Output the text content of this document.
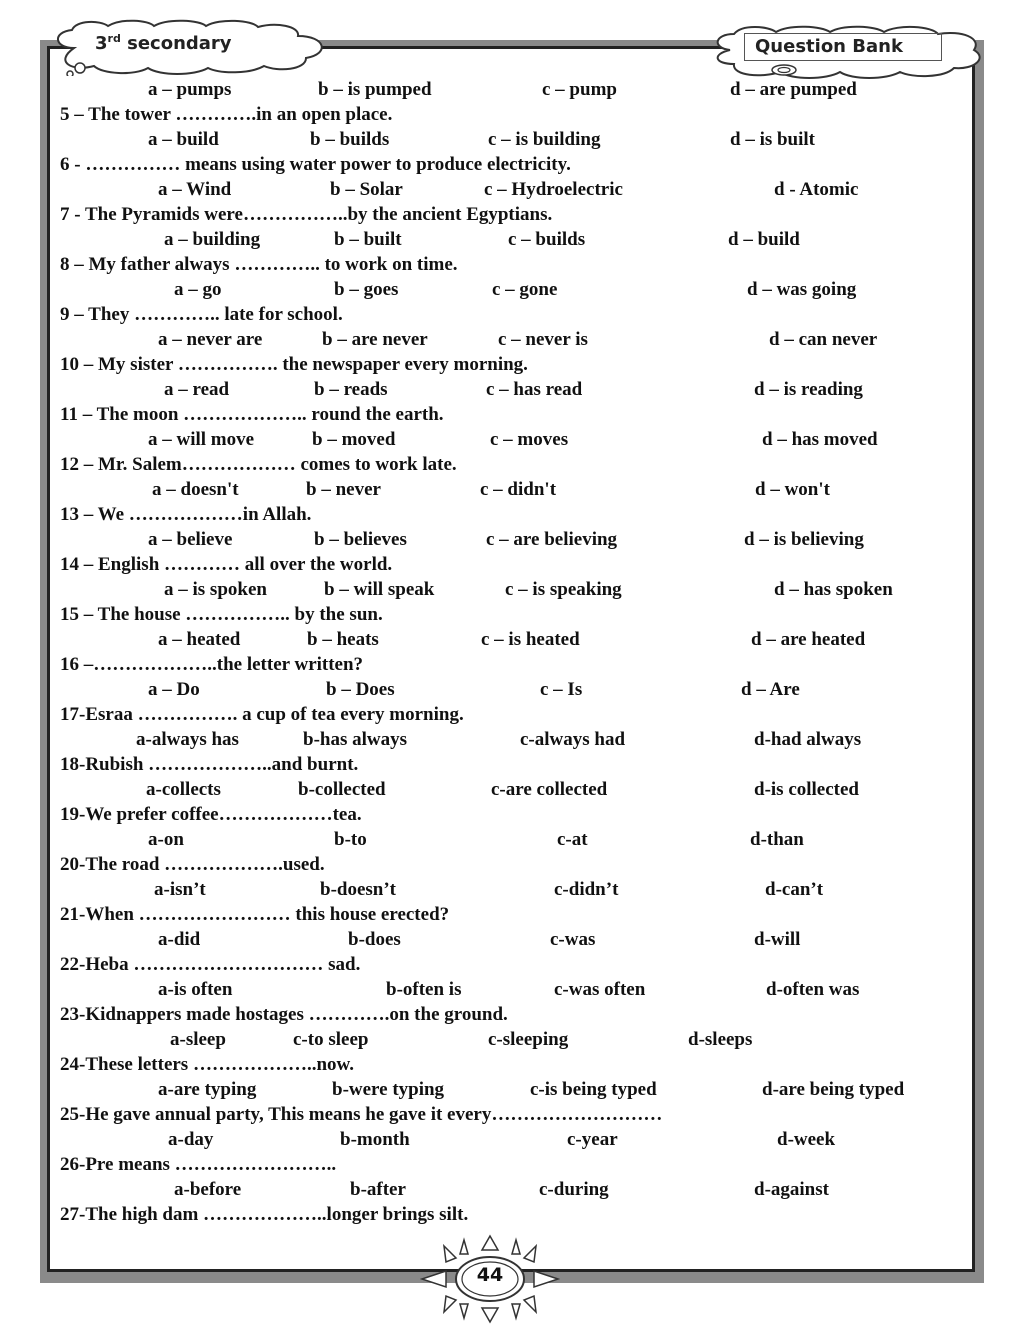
3rd secondary	Question Bank
a – pumps	b – is pumped	c – pump	d – are pumped
5 – The tower ………….in an open place.
a – build	b – builds	c – is building	d – is built
6 - …………… means using water power to produce electricity.
a – Wind	b – Solar	c – Hydroelectric	d - Atomic
7 - The Pyramids were……………..by the ancient Egyptians.
a – building	b – built	c – builds	d – build
8 – My father always ………….. to work on time.
a – go	b – goes	c – gone	d – was going
9 – They ………….. late for school.
a – never are	b – are never	c – never is	d – can never
10 – My sister ……………. the newspaper every morning.
a – read	b – reads	c – has read	d – is reading
11 – The moon ……………….. round the earth.
a – will move	b – moved	c – moves	d – has moved
12 – Mr. Salem……………… comes to work late.
a – doesn't	b – never	c – didn't	d – won't
13 – We ………………in Allah.
a – believe	b – believes	c – are believing	d – is believing
14 – English ………… all over the world.
a – is spoken	b – will speak	c – is speaking	d – has spoken
15 – The house …………….. by the sun.
a – heated	b – heats	c – is heated	d – are heated
16 –………………..the letter written?
a – Do	b – Does	c – Is	d – Are
17-Esraa ……………. a cup of tea every morning.
a-always has	b-has always	c-always had	d-had always
18-Rubish ………………..and burnt.
a-collects	b-collected	c-are collected	d-is collected
19-We prefer coffee………………tea.
a-on	b-to	c-at	d-than
20-The road ……………….used.
a-isn’t	b-doesn’t	c-didn’t	d-can’t
21-When …………………… this house erected?
a-did	b-does	c-was	d-will
22-Heba ………………………… sad.
a-is often	b-often is	c-was often	d-often was
23-Kidnappers made hostages ………….on the ground.
a-sleep	c-to sleep	c-sleeping	d-sleeps
24-These letters ………………..now.
a-are typing	b-were typing	c-is being typed	d-are being typed
25-He gave annual party, This means he gave it every………………………
a-day	b-month	c-year	d-week
26-Pre means ……………………..
a-before	b-after	c-during	d-against
27-The high dam ………………..longer brings silt.
44
